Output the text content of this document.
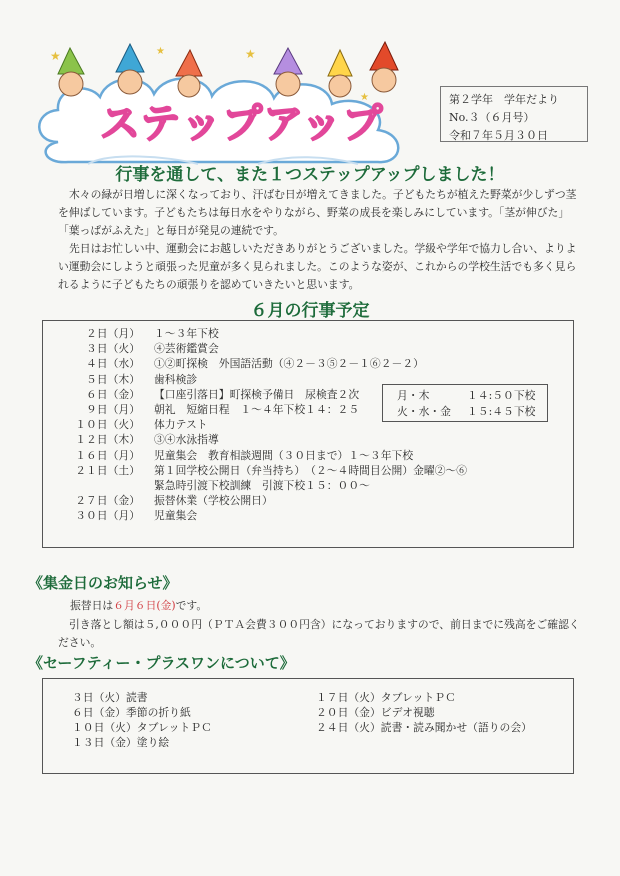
★	★	★
★
ステップアップ
第２学年　学年だより
No.３（６月号）
令和７年５月３０日
行事を通して、また１つステップアップしました！
木々の緑が日増しに深くなっており、汗ばむ日が増えてきました。子どもたちが植えた野菜が少しずつ茎を伸ばしています。子どもたちは毎日水をやりながら、野菜の成長を楽しみにしています。「茎が伸びた」「葉っぱがふえた」と毎日が発見の連続です。
先日はお忙しい中、運動会にお越しいただきありがとうございました。学級や学年で協力し合い、よりよい運動会にしようと頑張った児童が多く見られました。このような姿が、これからの学校生活でも多く見られるように子どもたちの頑張りを認めていきたいと思います。
６月の行事予定
２日（月） １～３年下校
３日（火） ④芸術鑑賞会
４日（水） ①②町探検　外国語活動（④２－３⑤２－１⑥２－２）
５日（木） 歯科検診
６日（金） 【口座引落日】町探検予備日　尿検査２次
９日（月） 朝礼　短縮日程　１～４年下校１４：２５
１０日（火） 体力テスト
１２日（木） ③④水泳指導
１６日（月） 児童集会　教育相談週間（３０日まで）１～３年下校
２１日（土） 第１回学校公開日（弁当持ち）　（２～４時間目公開）金曜②～⑥
緊急時引渡下校訓練　引渡下校１５：００～
２７日（金） 振替休業（学校公開日）
３０日（月） 児童集会
月・木	１４:５０下校
火・水・金 １５:４５下校
《集金日のお知らせ》
振替日は６月６日(金)です。
引き落とし額は５,０００円（ＰＴＡ会費３００円含）になっておりますので、前日までに残高をご確認ください。
《セーフティー・プラスワンについて》
３日（火）読書
６日（金）季節の折り紙
１０日（火）タブレットＰＣ
１３日（金）塗り絵
１７日（火）タブレットＰＣ
２０日（金）ビデオ視聴
２４日（火）読書・読み聞かせ（語りの会）
